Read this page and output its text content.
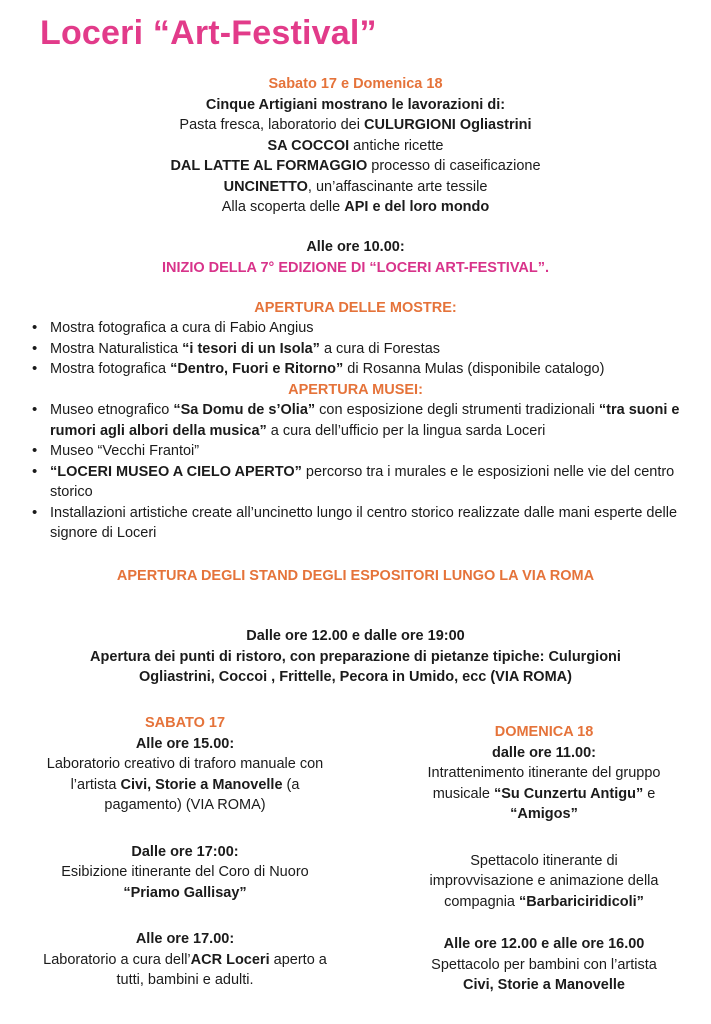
Loceri “Art-Festival”
Sabato 17 e Domenica 18
Cinque Artigiani mostrano le lavorazioni di:
Pasta fresca, laboratorio dei CULURGIONI Ogliastrini
SA COCCOI antiche ricette
DAL LATTE AL FORMAGGIO processo di caseificazione
UNCINETTO, un’affascinante arte tessile
Alla scoperta delle API e del loro mondo
Alle ore 10.00:
INIZIO DELLA 7° EDIZIONE DI “LOCERI ART-FESTIVAL”.
APERTURA DELLE MOSTRE:
• Mostra fotografica a cura di Fabio Angius
• Mostra Naturalistica “i tesori di un Isola” a cura di Forestas
• Mostra fotografica “Dentro, Fuori e Ritorno” di Rosanna Mulas (disponibile catalogo)
APERTURA MUSEI:
• Museo etnografico “Sa Domu de s’Olia” con esposizione degli strumenti tradizionali “tra suoni e rumori agli albori della musica” a cura dell’ufficio per la lingua sarda Loceri
• Museo “Vecchi Frantoi”
• “LOCERI MUSEO A CIELO APERTO” percorso tra i murales e le esposizioni nelle vie del centro storico
• Installazioni artistiche create all’uncinetto lungo il centro storico realizzate dalle mani esperte delle signore di Loceri
APERTURA DEGLI STAND DEGLI ESPOSITORI LUNGO LA VIA ROMA
Dalle ore 12.00 e dalle ore 19:00
Apertura dei punti di ristoro, con preparazione di pietanze tipiche: Culurgioni
Ogliastrini, Coccoi , Frittelle, Pecora in Umido, ecc (VIA ROMA)
SABATO 17
Alle ore 15.00:
Laboratorio creativo di traforo manuale con
l’artista Civi, Storie a Manovelle (a
pagamento) (VIA ROMA)
Dalle ore 17:00:
Esibizione itinerante del Coro di Nuoro
“Priamo Gallisay”
Alle ore 17.00:
Laboratorio a cura dell’ACR Loceri aperto a
tutti, bambini e adulti.
DOMENICA 18
dalle ore 11.00:
Intrattenimento itinerante del gruppo
musicale “Su Cunzertu Antigu” e
“Amigos”
Spettacolo itinerante di
improvvisazione e animazione della
compagnia “Barbariciridicoli”
Alle ore 12.00 e alle ore 16.00
Spettacolo per bambini con l’artista
Civi, Storie a Manovelle
